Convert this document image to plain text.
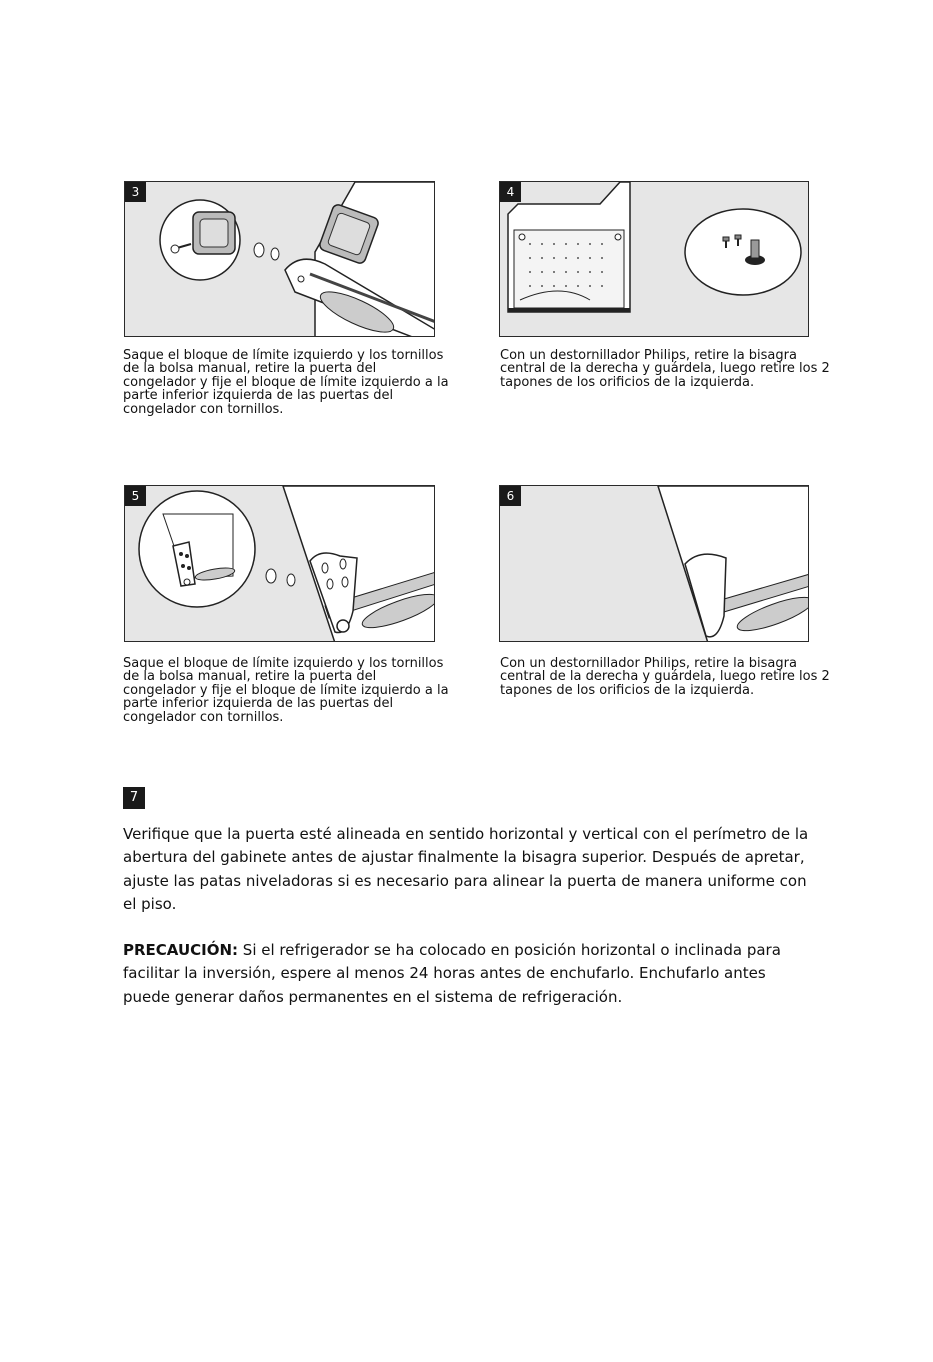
3

Saque el bloque de límite izquierdo y los tornillos de la bolsa manual, retire la puerta del congelador y fije el bloque de límite izquierdo a la parte inferior izquierda de las puertas del congelador con tornillos.

4

Con un destornillador Philips, retire la bisagra central de la derecha y guárdela, luego retire los 2 tapones de los orificios de la izquierda.

5

Saque el bloque de límite izquierdo y los tornillos de la bolsa manual, retire la puerta del congelador y fije el bloque de límite izquierdo a la parte inferior izquierda de las puertas del congelador con tornillos.

6

Con un destornillador Philips, retire la bisagra central de la derecha y guárdela, luego retire los 2 tapones de los orificios de la izquierda.

7

Verifique que la puerta esté alineada en sentido horizontal y vertical con el perímetro de la abertura del gabinete antes de ajustar finalmente la bisagra superior. Después de apretar, ajuste las patas niveladoras si es necesario para alinear la puerta de manera uniforme con el piso.

PRECAUCIÓN: Si el refrigerador se ha colocado en posición horizontal o inclinada para facilitar la inversión, espere al menos 24 horas antes de enchufarlo. Enchufarlo antes puede generar daños permanentes en el sistema de refrigeración.
